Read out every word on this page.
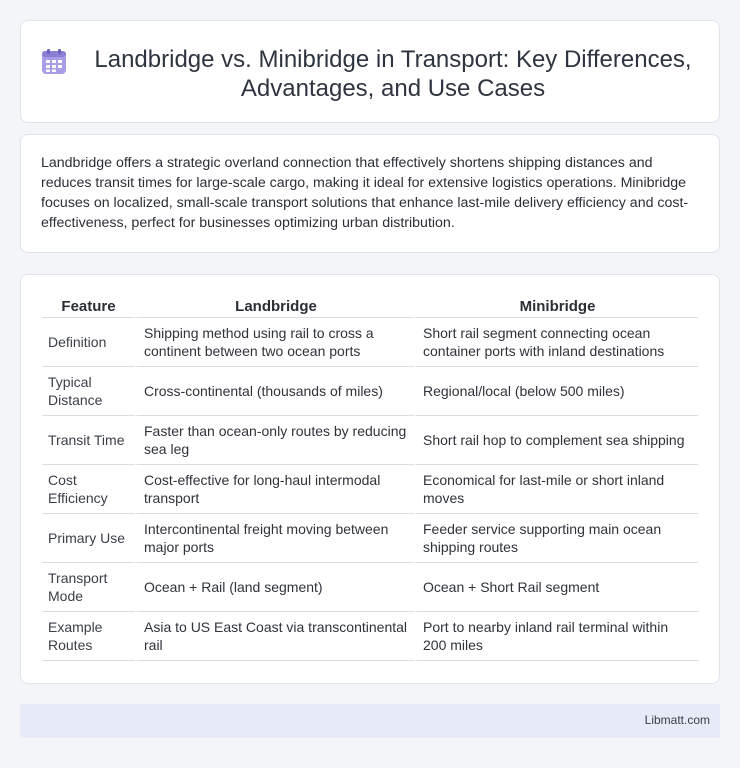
Landbridge vs. Minibridge in Transport: Key Differences, Advantages, and Use Cases

Landbridge offers a strategic overland connection that effectively shortens shipping distances and reduces transit times for large-scale cargo, making it ideal for extensive logistics operations. Minibridge focuses on localized, small-scale transport solutions that enhance last-mile delivery efficiency and cost-effectiveness, perfect for businesses optimizing urban distribution.

Feature	Landbridge	Minibridge
Definition	Shipping method using rail to cross a continent between two ocean ports	Short rail segment connecting ocean container ports with inland destinations
Typical Distance	Cross-continental (thousands of miles)	Regional/local (below 500 miles)
Transit Time	Faster than ocean-only routes by reducing sea leg	Short rail hop to complement sea shipping
Cost Efficiency	Cost-effective for long-haul intermodal transport	Economical for last-mile or short inland moves
Primary Use	Intercontinental freight moving between major ports	Feeder service supporting main ocean shipping routes
Transport Mode	Ocean + Rail (land segment)	Ocean + Short Rail segment
Example Routes	Asia to US East Coast via transcontinental rail	Port to nearby inland rail terminal within 200 miles
Libmatt.com
